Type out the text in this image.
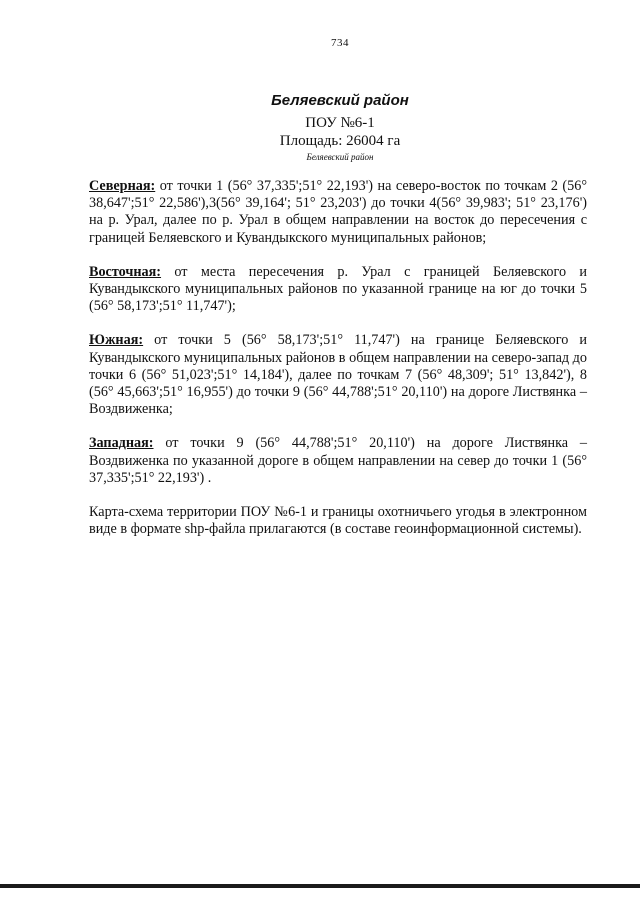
734
Беляевский район
ПОУ №6-1
Площадь: 26004 га
Беляевский район

Северная: от точки 1 (56° 37,335';51° 22,193') на северо-восток по точкам 2 (56° 38,647';51° 22,586'),3(56° 39,164'; 51° 23,203') до точки 4(56° 39,983'; 51° 23,176') на р. Урал, далее по р. Урал в общем направлении на восток до пересечения с границей Беляевского и Кувандыкского муниципальных районов;

Восточная: от места пересечения р. Урал с границей Беляевского и Кувандыкского муниципальных районов по указанной границе на юг до точки 5 (56° 58,173';51° 11,747');

Южная: от точки 5 (56° 58,173';51° 11,747') на границе Беляевского и Кувандыкского муниципальных районов в общем направлении на северо-запад до точки 6 (56° 51,023';51° 14,184'), далее по точкам 7 (56° 48,309'; 51° 13,842'), 8 (56° 45,663';51° 16,955') до точки 9 (56° 44,788';51° 20,110') на дороге Листвянка – Воздвиженка;

Западная: от точки 9 (56° 44,788';51° 20,110') на дороге Листвянка – Воздвиженка по указанной дороге в общем направлении на север до точки 1 (56° 37,335';51° 22,193') .

Карта-схема территории ПОУ №6-1 и границы охотничьего угодья в электронном виде в формате shp-файла прилагаются (в составе геоинформационной системы).
